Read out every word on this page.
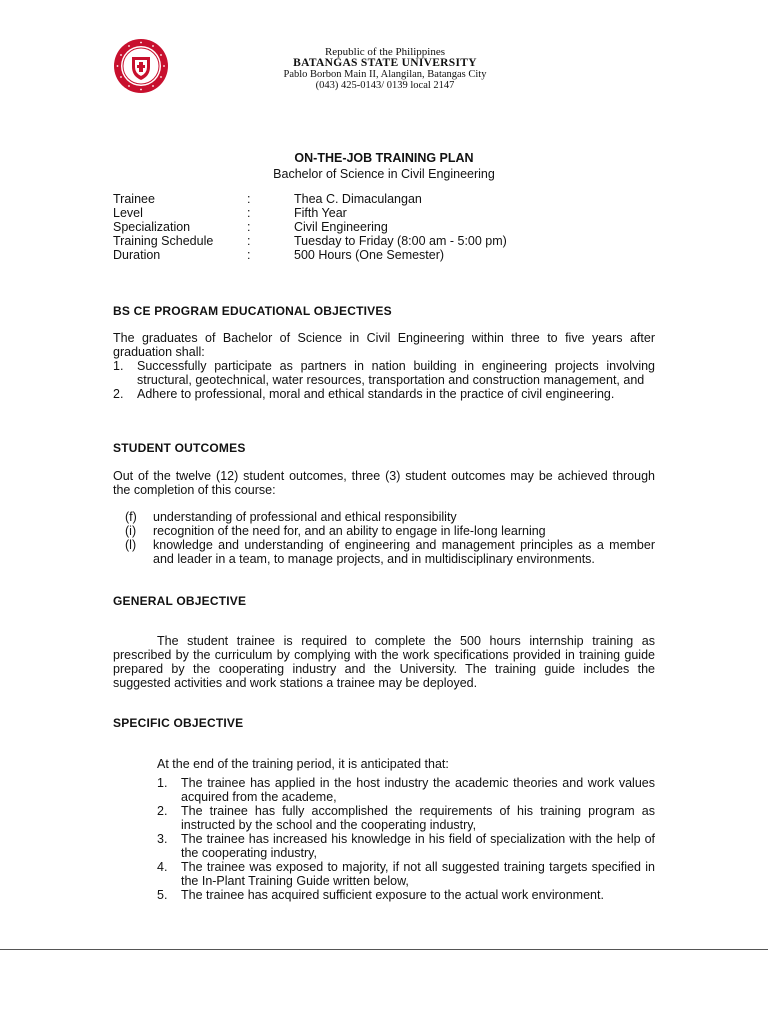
Republic of the Philippines
BATANGAS STATE UNIVERSITY
Pablo Borbon Main II, Alangilan, Batangas City
(043) 425-0143/ 0139 local 2147
ON-THE-JOB TRAINING PLAN
Bachelor of Science in Civil Engineering
Trainee	:	Thea C. Dimaculangan
Level	:	Fifth Year
Specialization	:	Civil Engineering
Training Schedule	:	Tuesday to Friday (8:00 am - 5:00 pm)
Duration	:	500 Hours (One Semester)
BS CE PROGRAM EDUCATIONAL OBJECTIVES
The graduates of Bachelor of Science in Civil Engineering within three to five years after graduation shall:
1. Successfully participate as partners in nation building in engineering projects involving structural, geotechnical, water resources, transportation and construction management, and
2. Adhere to professional, moral and ethical standards in the practice of civil engineering.
STUDENT OUTCOMES
Out of the twelve (12) student outcomes, three (3) student outcomes may be achieved through the completion of this course:
(f) understanding of professional and ethical responsibility
(i) recognition of the need for, and an ability to engage in life-long learning
(l) knowledge and understanding of engineering and management principles as a member and leader in a team, to manage projects, and in multidisciplinary environments.
GENERAL OBJECTIVE
The student trainee is required to complete the 500 hours internship training as prescribed by the curriculum by complying with the work specifications provided in training guide prepared by the cooperating industry and the University. The training guide includes the suggested activities and work stations a trainee may be deployed.
SPECIFIC OBJECTIVE
At the end of the training period, it is anticipated that:
1. The trainee has applied in the host industry the academic theories and work values acquired from the academe,
2. The trainee has fully accomplished the requirements of his training program as instructed by the school and the cooperating industry,
3. The trainee has increased his knowledge in his field of specialization with the help of the cooperating industry,
4. The trainee was exposed to majority, if not all suggested training targets specified in the In-Plant Training Guide written below,
5. The trainee has acquired sufficient exposure to the actual work environment.
